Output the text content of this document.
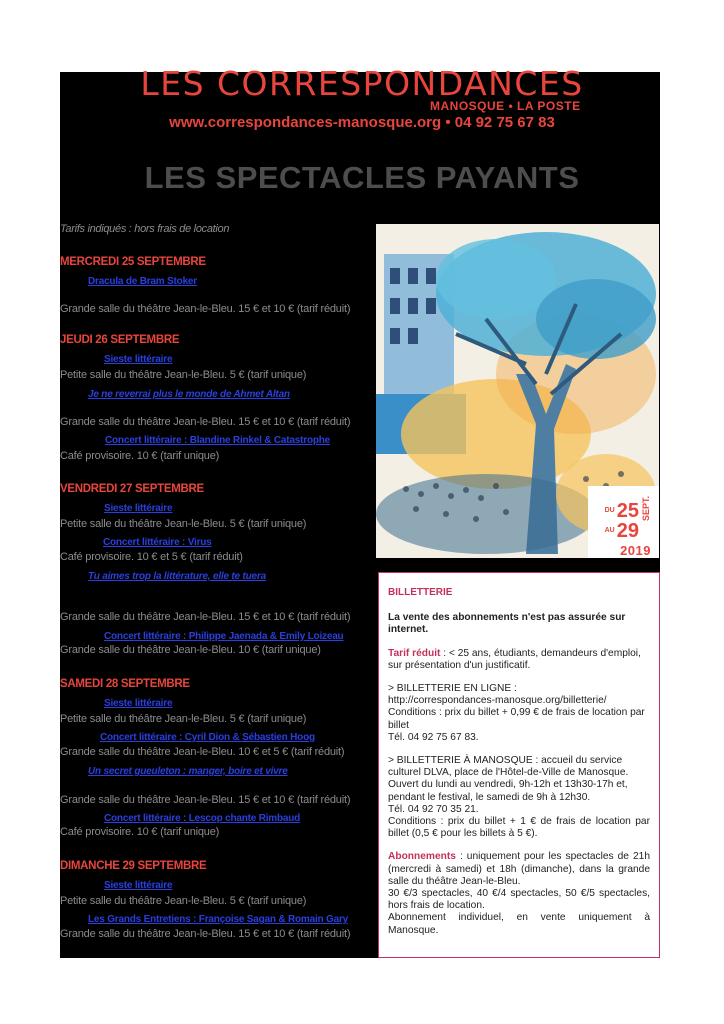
LES CORRESPONDANCES
MANOSQUE • LA POSTE
www.correspondances-manosque.org • 04 92 75 67 83
LES SPECTACLES PAYANTS
Tarifs indiqués : hors frais de location
MERCREDI 25 SEPTEMBRE
Dracula de Bram Stoker
Grande salle du théâtre Jean-le-Bleu. 15 € et 10 € (tarif réduit)
JEUDI 26 SEPTEMBRE
Sieste littéraire
Petite salle du théâtre Jean-le-Bleu. 5 € (tarif unique)
Je ne reverrai plus le monde de Ahmet Altan
Grande salle du théâtre Jean-le-Bleu. 15 € et 10 € (tarif réduit)
Concert littéraire : Blandine Rinkel & Catastrophe
Café provisoire. 10 € (tarif unique)
VENDREDI 27 SEPTEMBRE
Sieste littéraire
Petite salle du théâtre Jean-le-Bleu. 5 € (tarif unique)
Concert littéraire : Virus
Café provisoire. 10 € et 5 € (tarif réduit)
Tu aimes trop la littérature, elle te tuera
Grande salle du théâtre Jean-le-Bleu. 15 € et 10 € (tarif réduit)
Concert littéraire : Philippe Jaenada & Emily Loizeau
Grande salle du théâtre Jean-le-Bleu. 10 € (tarif unique)
SAMEDI 28 SEPTEMBRE
Sieste littéraire
Petite salle du théâtre Jean-le-Bleu. 5 € (tarif unique)
Concert littéraire : Cyril Dion & Sébastien Hoog
Grande salle du théâtre Jean-le-Bleu. 10 € et 5 € (tarif réduit)
Un secret gueuleton : manger, boire et vivre
Grande salle du théâtre Jean-le-Bleu. 15 € et 10 € (tarif réduit)
Concert littéraire : Lescop chante Rimbaud
Café provisoire. 10 € (tarif unique)
DIMANCHE 29 SEPTEMBRE
Sieste littéraire
Petite salle du théâtre Jean-le-Bleu. 5 € (tarif unique)
Les Grands Entretiens : Françoise Sagan & Romain Gary
Grande salle du théâtre Jean-le-Bleu. 15 € et 10 € (tarif réduit)
DU 25 SEPT.
AU 29
2019
BILLETTERIE
La vente des abonnements n'est pas assurée sur internet.
Tarif réduit : < 25 ans, étudiants, demandeurs d'emploi, sur présentation d'un justificatif.
> BILLETTERIE EN LIGNE :
http://correspondances-manosque.org/billetterie/
Conditions : prix du billet + 0,99 € de frais de location par billet
Tél. 04 92 75 67 83.
> BILLETTERIE À MANOSQUE : accueil du service culturel DLVA, place de l'Hôtel-de-Ville de Manosque. Ouvert du lundi au vendredi, 9h-12h et 13h30-17h et, pendant le festival, le samedi de 9h à 12h30.
Tél. 04 92 70 35 21.
Conditions : prix du billet + 1 € de frais de location par billet (0,5 € pour les billets à 5 €).
Abonnements : uniquement pour les spectacles de 21h (mercredi à samedi) et 18h (dimanche), dans la grande salle du théâtre Jean-le-Bleu.
30 €/3 spectacles, 40 €/4 spectacles, 50 €/5 spectacles, hors frais de location.
Abonnement individuel, en vente uniquement à Manosque.
